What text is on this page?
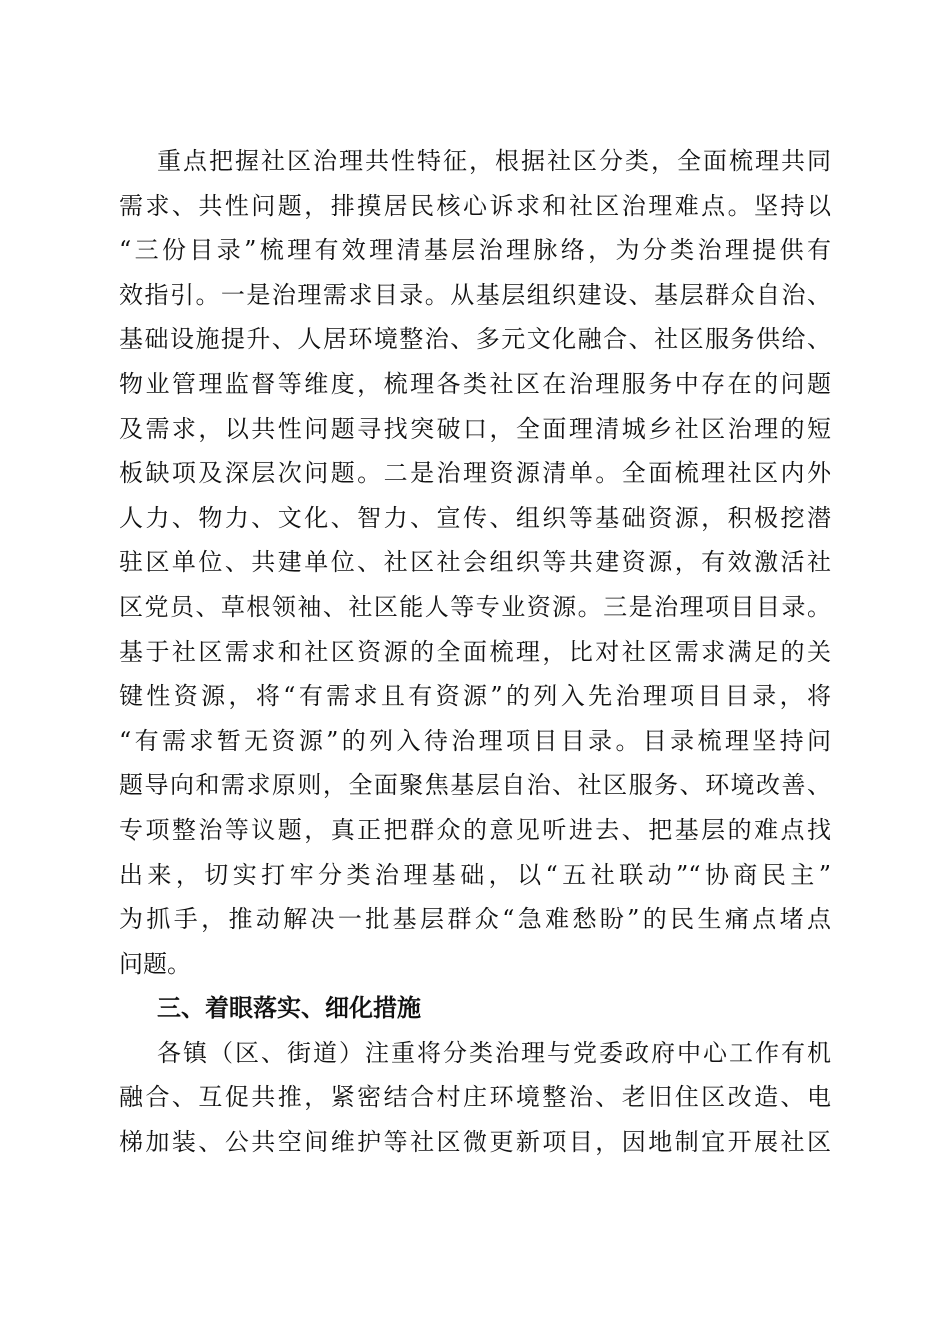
重点把握社区治理共性特征，根据社区分类，全面梳理共同
需求、共性问题，排摸居民核心诉求和社区治理难点。坚持以
“三份目录”梳理有效理清基层治理脉络，为分类治理提供有
效指引。一是治理需求目录。从基层组织建设、基层群众自治、
基础设施提升、人居环境整治、多元文化融合、社区服务供给、
物业管理监督等维度，梳理各类社区在治理服务中存在的问题
及需求，以共性问题寻找突破口，全面理清城乡社区治理的短
板缺项及深层次问题。二是治理资源清单。全面梳理社区内外
人力、物力、文化、智力、宣传、组织等基础资源，积极挖潜
驻区单位、共建单位、社区社会组织等共建资源，有效激活社
区党员、草根领袖、社区能人等专业资源。三是治理项目目录。
基于社区需求和社区资源的全面梳理，比对社区需求满足的关
键性资源，将“有需求且有资源”的列入先治理项目目录，将
“有需求暂无资源”的列入待治理项目目录。目录梳理坚持问
题导向和需求原则，全面聚焦基层自治、社区服务、环境改善、
专项整治等议题，真正把群众的意见听进去、把基层的难点找
出来，切实打牢分类治理基础，以“五社联动”“协商民主”
为抓手，推动解决一批基层群众“急难愁盼”的民生痛点堵点
问题。
三、着眼落实、细化措施
各镇（区、街道）注重将分类治理与党委政府中心工作有机
融合、互促共推，紧密结合村庄环境整治、老旧住区改造、电
梯加装、公共空间维护等社区微更新项目，因地制宜开展社区
